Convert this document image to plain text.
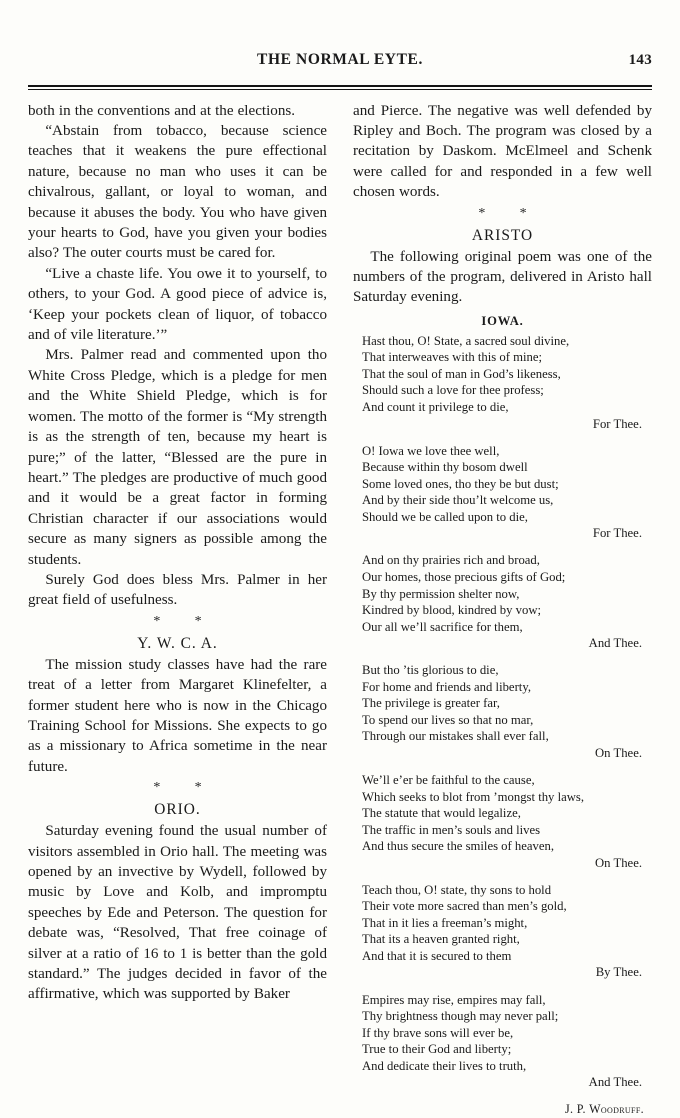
THE NORMAL EYTE.	143

both in the conventions and at the elections.

“Abstain from tobacco, because science teaches that it weakens the pure effectional nature, because no man who uses it can be chivalrous, gallant, or loyal to woman, and because it abuses the body. You who have given your hearts to God, have you given your bodies also? The outer courts must be cared for.

“Live a chaste life. You owe it to yourself, to others, to your God. A good piece of advice is, ‘Keep your pockets clean of liquor, of tobacco and of vile literature.’”

Mrs. Palmer read and commented upon tho White Cross Pledge, which is a pledge for men and the White Shield Pledge, which is for women. The motto of the former is “My strength is as the strength of ten, because my heart is pure;” of the latter, “Blessed are the pure in heart.” The pledges are productive of much good and it would be a great factor in forming Christian character if our associations would secure as many signers as possible among the students.

Surely God does bless Mrs. Palmer in her great field of usefulness.

* *
Y. W. C. A.

The mission study classes have had the rare treat of a letter from Margaret Klinefelter, a former student here who is now in the Chicago Training School for Missions. She expects to go as a missionary to Africa sometime in the near future.

* *
ORIO.

Saturday evening found the usual number of visitors assembled in Orio hall. The meeting was opened by an invective by Wydell, followed by music by Love and Kolb, and impromptu speeches by Ede and Peterson. The question for debate was, “Resolved, That free coinage of silver at a ratio of 16 to 1 is better than the gold standard.” The judges decided in favor of the affirmative, which was supported by Baker

and Pierce. The negative was well defended by Ripley and Boch. The program was closed by a recitation by Daskom. McElmeel and Schenk were called for and responded in a few well chosen words.

* *
ARISTO

The following original poem was one of the numbers of the program, delivered in Aristo hall Saturday evening.

IOWA.

Hast thou, O! State, a sacred soul divine,

That interweaves with this of mine;

That the soul of man in God’s likeness,

Should such a love for thee profess;

And count it privilege to die,

For Thee.

O! Iowa we love thee well,

Because within thy bosom dwell

Some loved ones, tho they be but dust;

And by their side thou’lt welcome us,

Should we be called upon to die,

For Thee.

And on thy prairies rich and broad,

Our homes, those precious gifts of God;

By thy permission shelter now,

Kindred by blood, kindred by vow;

Our all we’ll sacrifice for them,

And Thee.

But tho ’tis glorious to die,

For home and friends and liberty,

The privilege is greater far,

To spend our lives so that no mar,

Through our mistakes shall ever fall,

On Thee.

We’ll e’er be faithful to the cause,

Which seeks to blot from ’mongst thy laws,

The statute that would legalize,

The traffic in men’s souls and lives

And thus secure the smiles of heaven,

On Thee.

Teach thou, O! state, thy sons to hold

Their vote more sacred than men’s gold,

That in it lies a freeman’s might,

That its a heaven granted right,

And that it is secured to them

By Thee.

Empires may rise, empires may fall,

Thy brightness though may never pall;

If thy brave sons will ever be,

True to their God and liberty;

And dedicate their lives to truth,

And Thee.

J. P. Woodruff.
